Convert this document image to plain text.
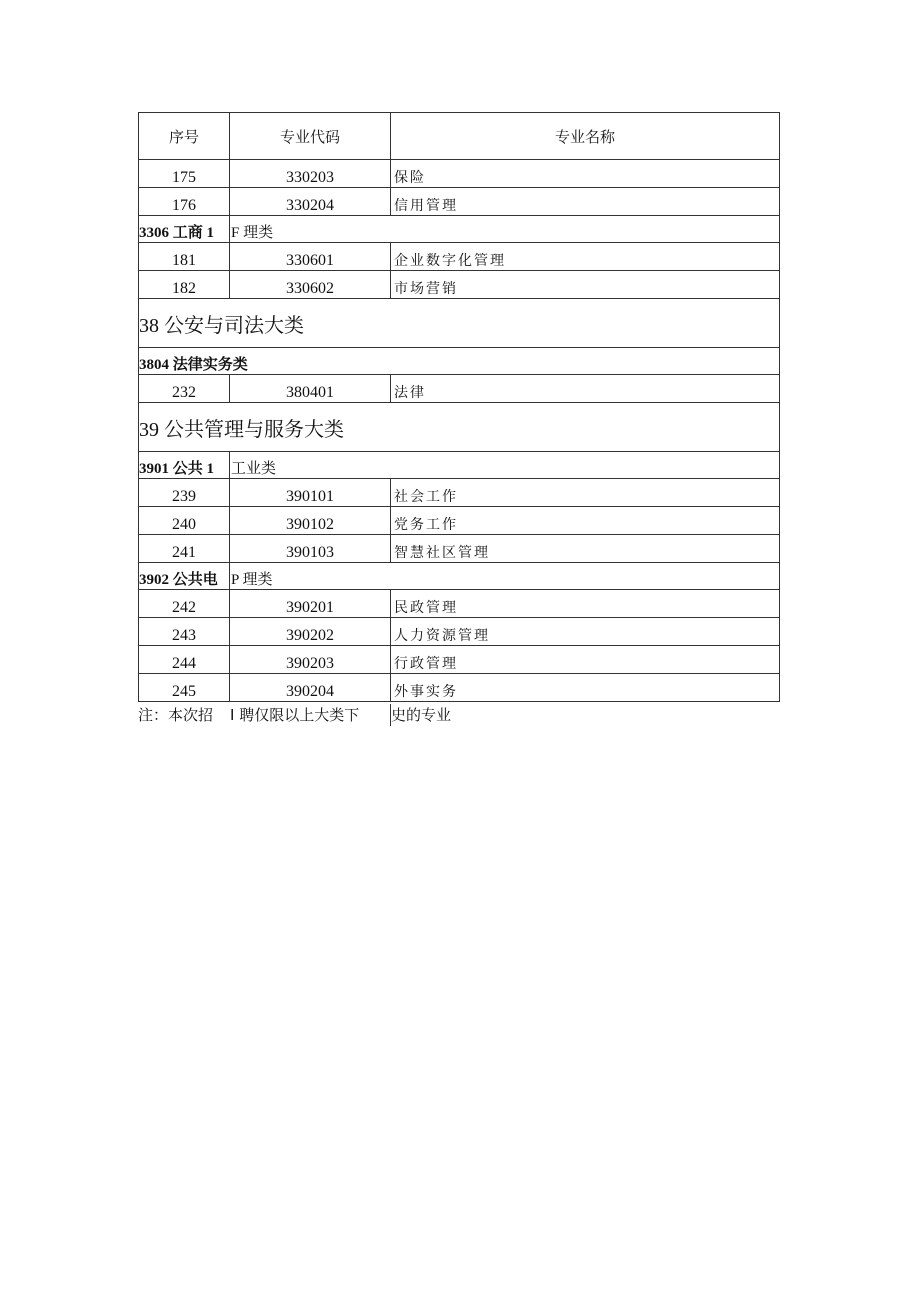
序号	专业代码	专业名称
175	330203	保险
176	330204	信用管理
3306 工商 1	F 理类	
181	330601	企业数字化管理
182	330602	市场营销
38 公安与司法大类		
3804 法律实务类		
232	380401	法律
39 公共管理与服务大类		
3901 公共 1	工业类	
239	390101	社会工作
240	390102	党务工作
241	390103	智慧社区管理
3902 公共电	P 理类	
242	390201	民政管理
243	390202	人力资源管理
244	390203	行政管理
245	390204	外事实务
注：本次招 I 聘仅限以上大类下 史的专业
